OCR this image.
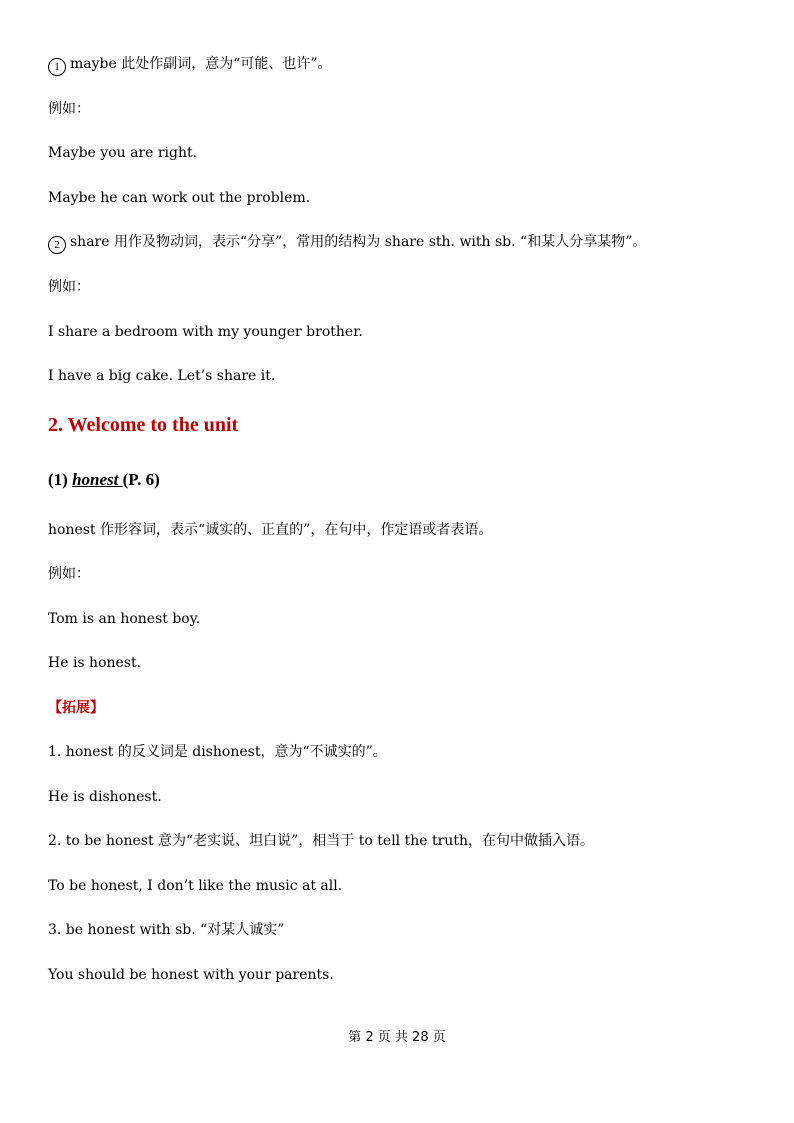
1 maybe 此处作副词，意为“可能、也许”。
例如：
Maybe you are right.
Maybe he can work out the problem.
2 share 用作及物动词，表示“分享”，常用的结构为 share sth. with sb. “和某人分享某物”。
例如：
I share a bedroom with my younger brother.
I have a big cake. Let’s share it.
2. Welcome to the unit
(1) honest (P. 6)
honest 作形容词，表示“诚实的、正直的”，在句中，作定语或者表语。
例如：
Tom is an honest boy.
He is honest.
【拓展】
1. honest 的反义词是 dishonest，意为“不诚实的”。
He is dishonest.
2. to be honest 意为“老实说、坦白说”，相当于 to tell the truth，在句中做插入语。
To be honest, I don’t like the music at all.
3. be honest with sb. “对某人诚实”
You should be honest with your parents.
第 2 页 共 28 页
